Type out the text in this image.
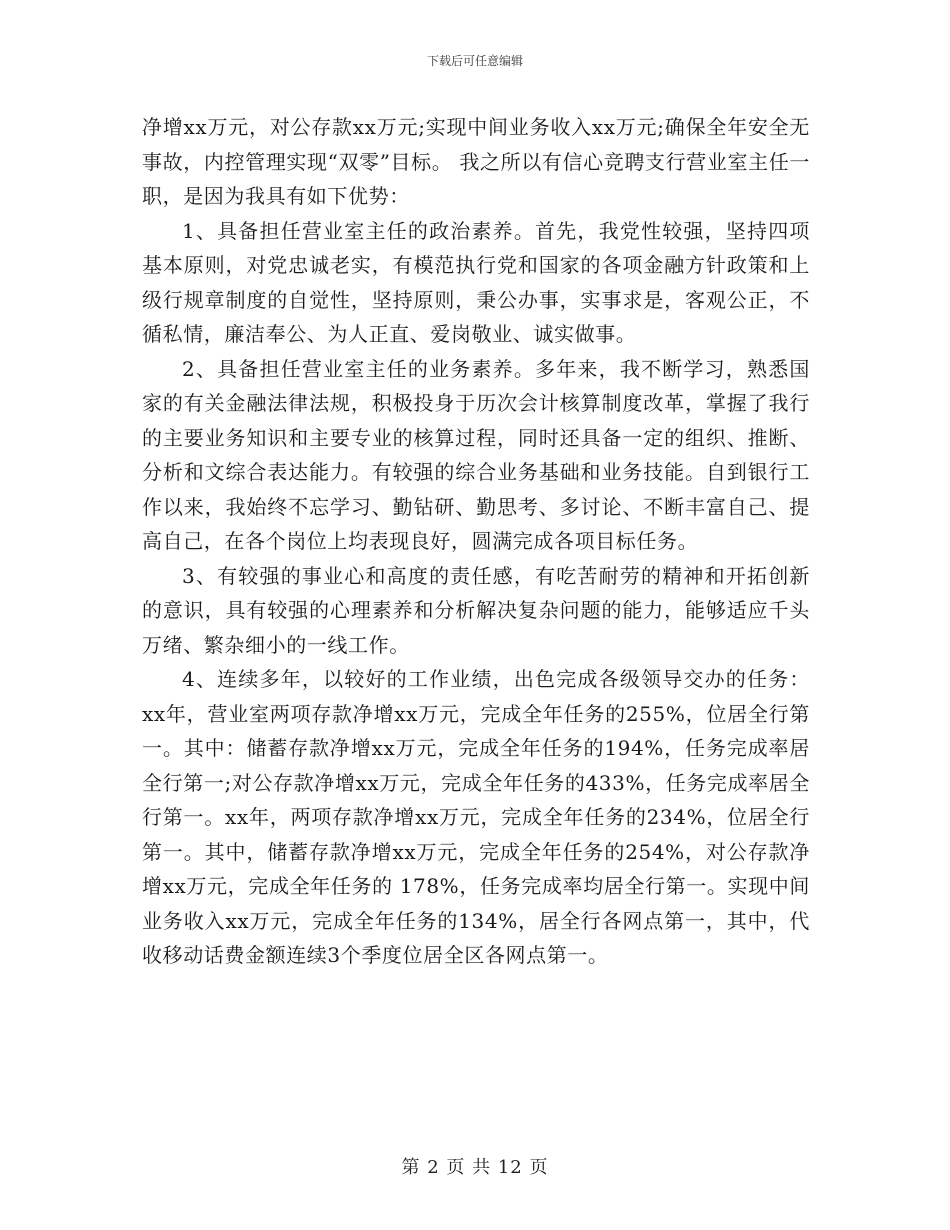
下载后可任意编辑

净增xx万元，对公存款xx万元;实现中间业务收入xx万元;确保全年安全无事故，内控管理实现“双零”目标。 我之所以有信心竞聘支行营业室主任一职，是因为我具有如下优势：

1、具备担任营业室主任的政治素养。首先，我党性较强，坚持四项基本原则，对党忠诚老实，有模范执行党和国家的各项金融方针政策和上级行规章制度的自觉性，坚持原则，秉公办事，实事求是，客观公正，不循私情，廉洁奉公、为人正直、爱岗敬业、诚实做事。

2、具备担任营业室主任的业务素养。多年来，我不断学习，熟悉国家的有关金融法律法规，积极投身于历次会计核算制度改革，掌握了我行的主要业务知识和主要专业的核算过程，同时还具备一定的组织、推断、分析和文综合表达能力。有较强的综合业务基础和业务技能。自到银行工作以来，我始终不忘学习、勤钻研、勤思考、多讨论、不断丰富自己、提高自己，在各个岗位上均表现良好，圆满完成各项目标任务。

3、有较强的事业心和高度的责任感，有吃苦耐劳的精神和开拓创新的意识，具有较强的心理素养和分析解决复杂问题的能力，能够适应千头万绪、繁杂细小的一线工作。

4、连续多年，以较好的工作业绩，出色完成各级领导交办的任务：xx年，营业室两项存款净增xx万元，完成全年任务的255%，位居全行第一。其中：储蓄存款净增xx万元，完成全年任务的194%，任务完成率居全行第一;对公存款净增xx万元，完成全年任务的433%，任务完成率居全行第一。xx年，两项存款净增xx万元，完成全年任务的234%，位居全行第一。其中，储蓄存款净增xx万元，完成全年任务的254%，对公存款净增xx万元，完成全年任务的 178%，任务完成率均居全行第一。实现中间业务收入xx万元，完成全年任务的134%，居全行各网点第一，其中，代收移动话费金额连续3个季度位居全区各网点第一。

第 2 页 共 12 页
